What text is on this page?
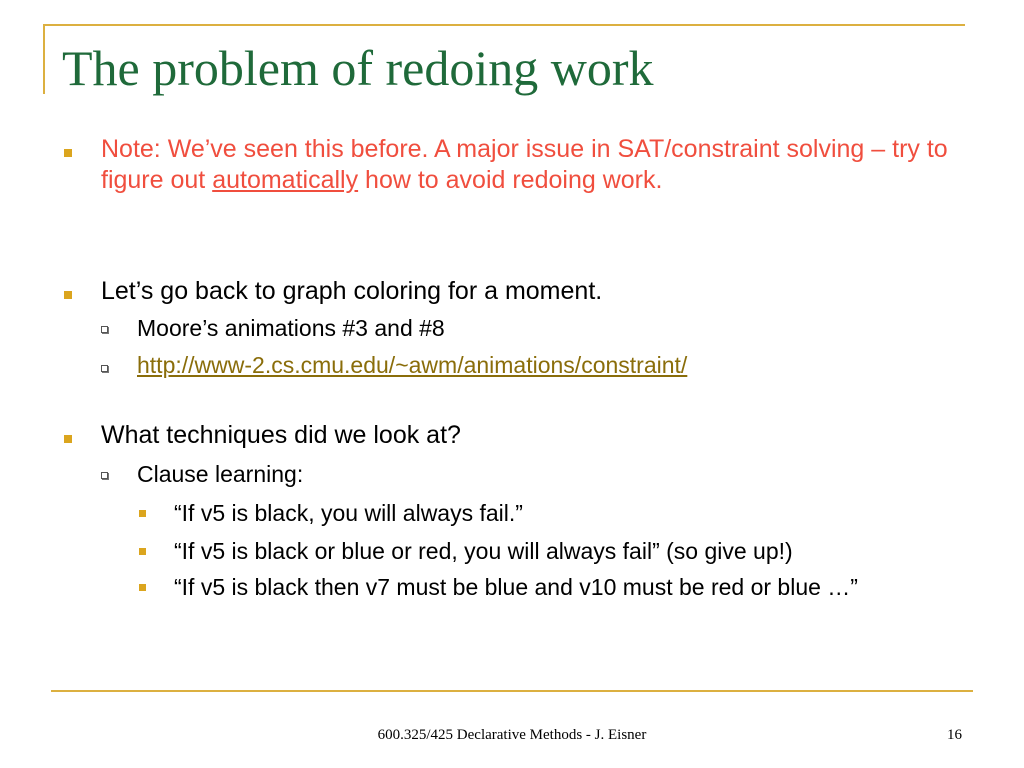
The problem of redoing work
Note: We’ve seen this before. A major issue in SAT/constraint solving – try to figure out automatically how to avoid redoing work.
Let’s go back to graph coloring for a moment.
Moore’s animations #3 and #8
http://www-2.cs.cmu.edu/~awm/animations/constraint/
What techniques did we look at?
Clause learning:
“If v5 is black, you will always fail.”
“If v5 is black or blue or red, you will always fail” (so give up!)
“If v5 is black then v7 must be blue and v10 must be red or blue …”
600.325/425 Declarative Methods - J. Eisner	16
